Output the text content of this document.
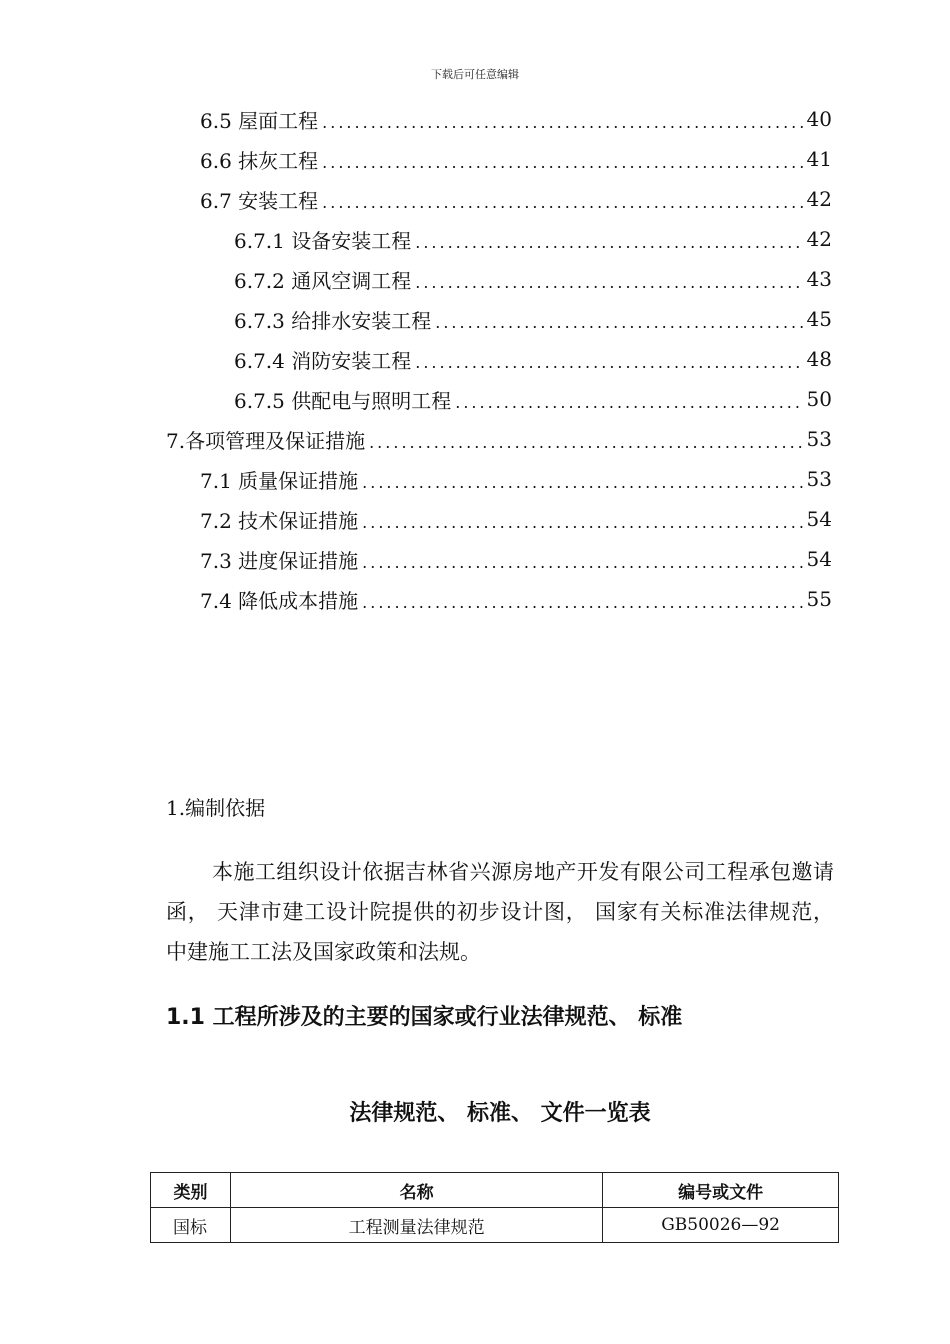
下载后可任意编辑
6.5 屋面工程 .....	40
6.6 抹灰工程 .....	41
6.7 安装工程 .....	42
6.7.1 设备安装工程 .....	42
6.7.2 通风空调工程 .....	43
6.7.3 给排水安装工程 .....	45
6.7.4 消防安装工程 .....	48
6.7.5 供配电与照明工程 .....	50
7.各项管理及保证措施 .....	53
7.1 质量保证措施 .....	53
7.2 技术保证措施 .....	54
7.3 进度保证措施 .....	54
7.4 降低成本措施 .....	55
1.编制依据
本施工组织设计依据吉林省兴源房地产开发有限公司工程承包邀请函， 天津市建工设计院提供的初步设计图， 国家有关标准法律规范， 中建施工工法及国家政策和法规。
1.1 工程所涉及的主要的国家或行业法律规范、 标准
法律规范、 标准、 文件一览表
类别	名称	编号或文件
国标	工程测量法律规范	GB50026—92
